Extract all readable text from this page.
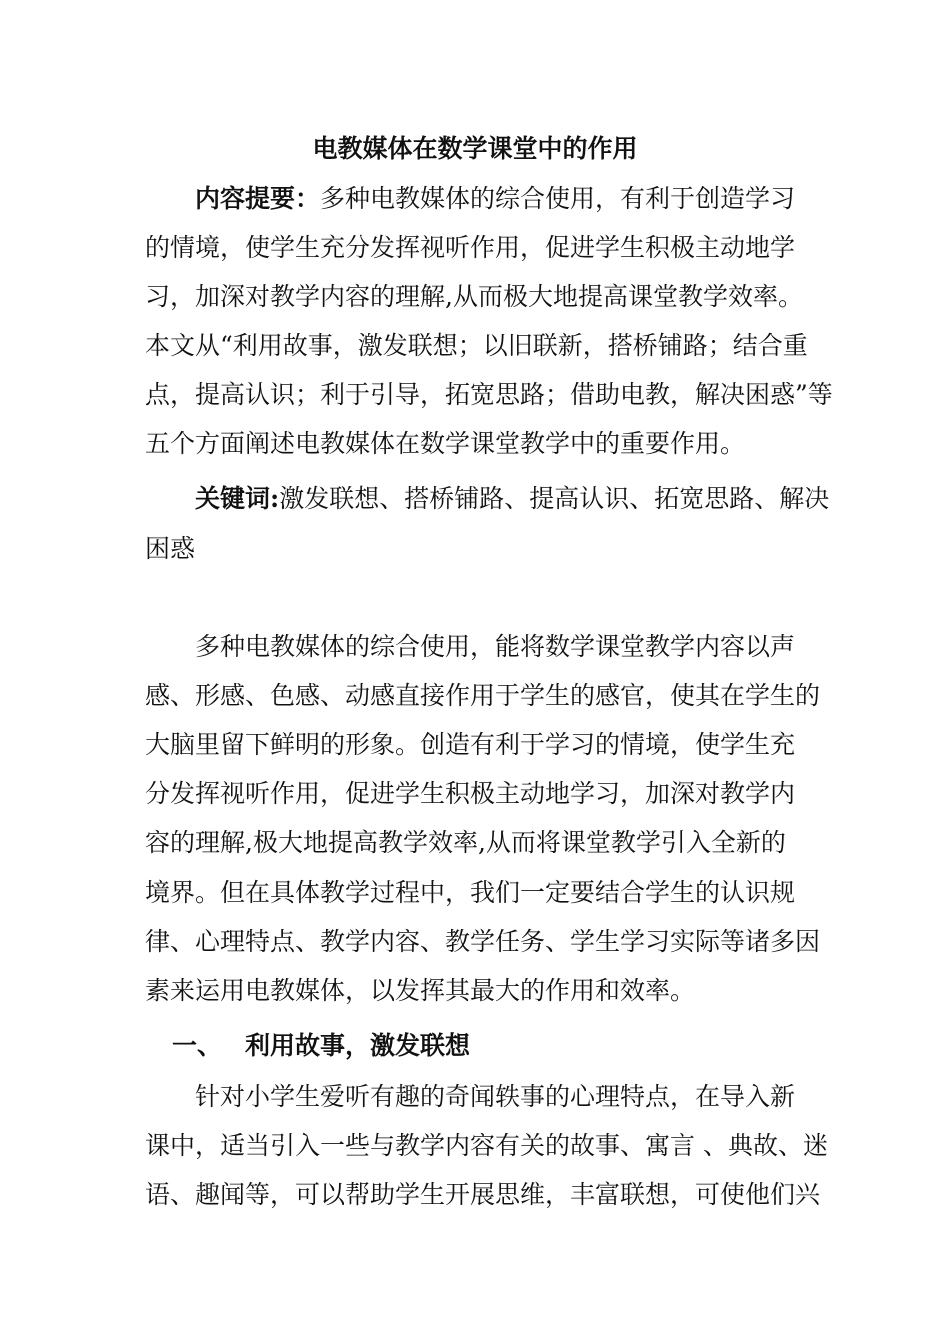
电教媒体在数学课堂中的作用
内容提要：多种电教媒体的综合使用，有利于创造学习
的情境，使学生充分发挥视听作用，促进学生积极主动地学
习，加深对教学内容的理解,从而极大地提高课堂教学效率。
本文从“利用故事，激发联想；以旧联新，搭桥铺路；结合重
点，提高认识；利于引导，拓宽思路；借助电教，解决困惑”等
五个方面阐述电教媒体在数学课堂教学中的重要作用。
关键词:激发联想、搭桥铺路、提高认识、拓宽思路、解决
困惑
多种电教媒体的综合使用，能将数学课堂教学内容以声
感、形感、色感、动感直接作用于学生的感官，使其在学生的
大脑里留下鲜明的形象。创造有利于学习的情境，使学生充
分发挥视听作用，促进学生积极主动地学习，加深对教学内
容的理解,极大地提高教学效率,从而将课堂教学引入全新的
境界。但在具体教学过程中，我们一定要结合学生的认识规
律、心理特点、教学内容、教学任务、学生学习实际等诸多因
素来运用电教媒体，以发挥其最大的作用和效率。
一、 利用故事，激发联想
针对小学生爱听有趣的奇闻轶事的心理特点，在导入新
课中，适当引入一些与教学内容有关的故事、寓言 、典故、迷
语、趣闻等，可以帮助学生开展思维，丰富联想，可使他们兴
